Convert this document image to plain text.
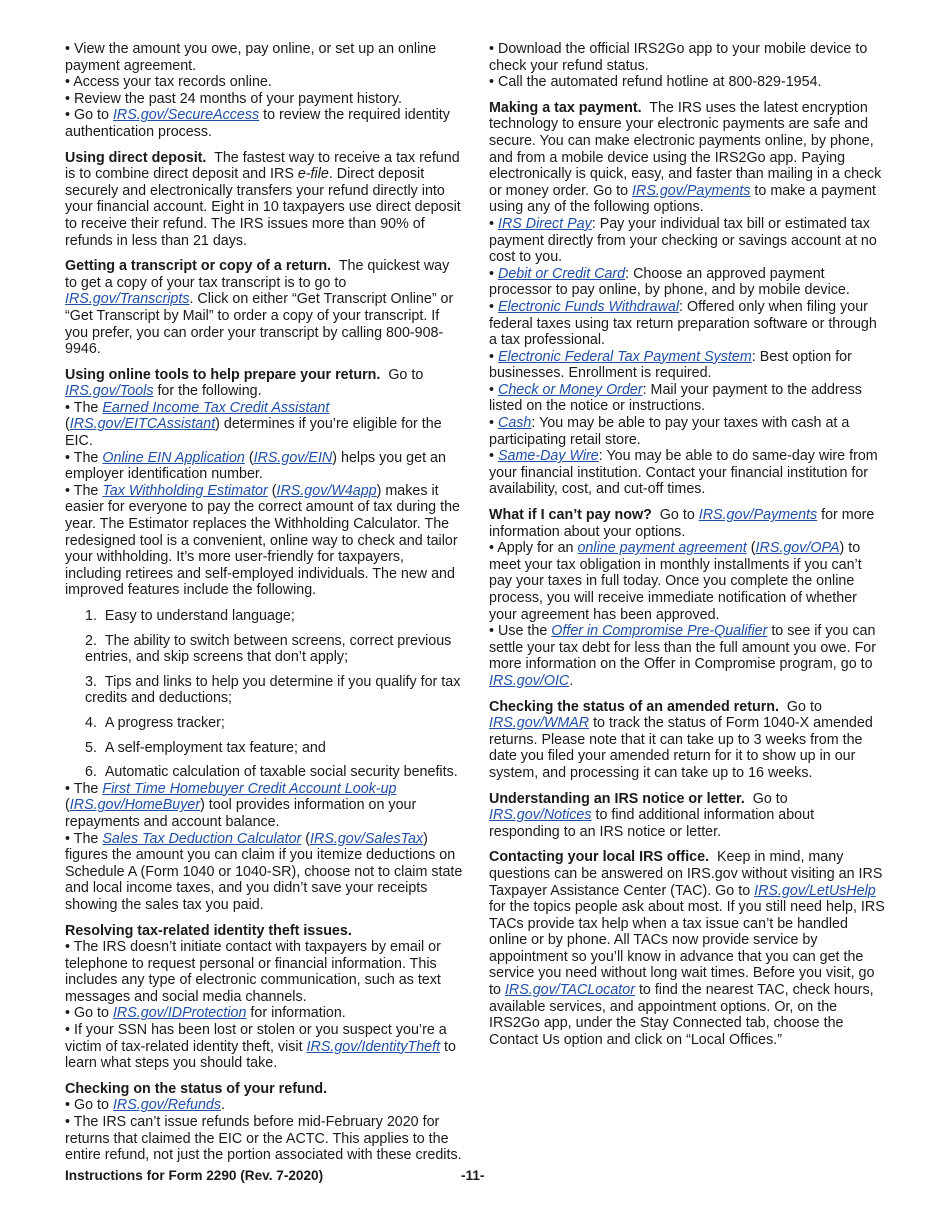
• View the amount you owe, pay online, or set up an online payment agreement.

• Access your tax records online.

• Review the past 24 months of your payment history.

• Go to IRS.gov/SecureAccess to review the required identity authentication process.

Using direct deposit. The fastest way to receive a tax refund is to combine direct deposit and IRS e-file. Direct deposit securely and electronically transfers your refund directly into your financial account. Eight in 10 taxpayers use direct deposit to receive their refund. The IRS issues more than 90% of refunds in less than 21 days.

Getting a transcript or copy of a return. The quickest way to get a copy of your tax transcript is to go to IRS.gov/Transcripts. Click on either “Get Transcript Online” or “Get Transcript by Mail” to order a copy of your transcript. If you prefer, you can order your transcript by calling 800-908-9946.

Using online tools to help prepare your return. Go to IRS.gov/Tools for the following.

• The Earned Income Tax Credit Assistant (IRS.gov/EITCAssistant) determines if you’re eligible for the EIC.

• The Online EIN Application (IRS.gov/EIN) helps you get an employer identification number.

• The Tax Withholding Estimator (IRS.gov/W4app) makes it easier for everyone to pay the correct amount of tax during the year. The Estimator replaces the Withholding Calculator. The redesigned tool is a convenient, online way to check and tailor your withholding. It’s more user-friendly for taxpayers, including retirees and self-employed individuals. The new and improved features include the following.

1.  Easy to understand language;

2.  The ability to switch between screens, correct previous entries, and skip screens that don’t apply;

3.  Tips and links to help you determine if you qualify for tax credits and deductions;

4.  A progress tracker;

5.  A self-employment tax feature; and

6.  Automatic calculation of taxable social security benefits.

• The First Time Homebuyer Credit Account Look-up (IRS.gov/HomeBuyer) tool provides information on your repayments and account balance.

• The Sales Tax Deduction Calculator (IRS.gov/SalesTax) figures the amount you can claim if you itemize deductions on Schedule A (Form 1040 or 1040-SR), choose not to claim state and local income taxes, and you didn’t save your receipts showing the sales tax you paid.

Resolving tax-related identity theft issues.

• The IRS doesn’t initiate contact with taxpayers by email or telephone to request personal or financial information. This includes any type of electronic communication, such as text messages and social media channels.

• Go to IRS.gov/IDProtection for information.

• If your SSN has been lost or stolen or you suspect you’re a victim of tax-related identity theft, visit IRS.gov/IdentityTheft to learn what steps you should take.

Checking on the status of your refund.

• Go to IRS.gov/Refunds.

• The IRS can’t issue refunds before mid-February 2020 for returns that claimed the EIC or the ACTC. This applies to the entire refund, not just the portion associated with these credits.

• Download the official IRS2Go app to your mobile device to check your refund status.

• Call the automated refund hotline at 800-829-1954.

Making a tax payment. The IRS uses the latest encryption technology to ensure your electronic payments are safe and secure. You can make electronic payments online, by phone, and from a mobile device using the IRS2Go app. Paying electronically is quick, easy, and faster than mailing in a check or money order. Go to IRS.gov/Payments to make a payment using any of the following options.

• IRS Direct Pay: Pay your individual tax bill or estimated tax payment directly from your checking or savings account at no cost to you.

• Debit or Credit Card: Choose an approved payment processor to pay online, by phone, and by mobile device.

• Electronic Funds Withdrawal: Offered only when filing your federal taxes using tax return preparation software or through a tax professional.

• Electronic Federal Tax Payment System: Best option for businesses. Enrollment is required.

• Check or Money Order: Mail your payment to the address listed on the notice or instructions.

• Cash: You may be able to pay your taxes with cash at a participating retail store.

• Same-Day Wire: You may be able to do same-day wire from your financial institution. Contact your financial institution for availability, cost, and cut-off times.

What if I can’t pay now? Go to IRS.gov/Payments for more information about your options.

• Apply for an online payment agreement (IRS.gov/OPA) to meet your tax obligation in monthly installments if you can’t pay your taxes in full today. Once you complete the online process, you will receive immediate notification of whether your agreement has been approved.

• Use the Offer in Compromise Pre-Qualifier to see if you can settle your tax debt for less than the full amount you owe. For more information on the Offer in Compromise program, go to IRS.gov/OIC.

Checking the status of an amended return. Go to IRS.gov/WMAR to track the status of Form 1040-X amended returns. Please note that it can take up to 3 weeks from the date you filed your amended return for it to show up in our system, and processing it can take up to 16 weeks.

Understanding an IRS notice or letter. Go to IRS.gov/Notices to find additional information about responding to an IRS notice or letter.

Contacting your local IRS office. Keep in mind, many questions can be answered on IRS.gov without visiting an IRS Taxpayer Assistance Center (TAC). Go to IRS.gov/LetUsHelp for the topics people ask about most. If you still need help, IRS TACs provide tax help when a tax issue can’t be handled online or by phone. All TACs now provide service by appointment so you’ll know in advance that you can get the service you need without long wait times. Before you visit, go to IRS.gov/TACLocator to find the nearest TAC, check hours, available services, and appointment options. Or, on the IRS2Go app, under the Stay Connected tab, choose the Contact Us option and click on “Local Offices.”

Instructions for Form 2290 (Rev. 7-2020)	-11-
